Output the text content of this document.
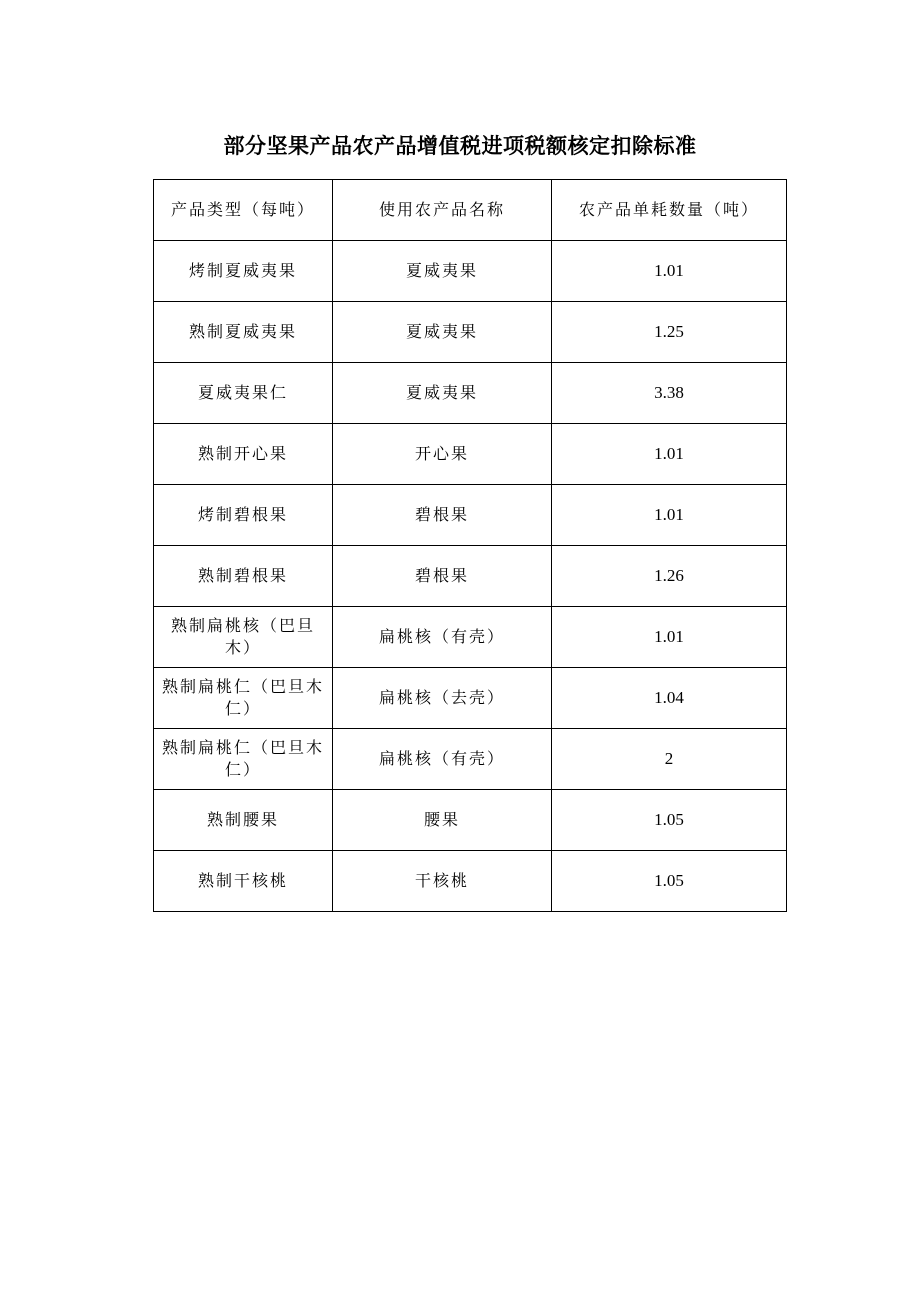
部分坚果产品农产品增值税进项税额核定扣除标准
产品类型（每吨）	使用农产品名称	农产品单耗数量（吨）
烤制夏威夷果	夏威夷果	1.01
熟制夏威夷果	夏威夷果	1.25
夏威夷果仁	夏威夷果	3.38
熟制开心果	开心果	1.01
烤制碧根果	碧根果	1.01
熟制碧根果	碧根果	1.26
熟制扁桃核（巴旦木）	扁桃核（有壳）	1.01
熟制扁桃仁（巴旦木仁）	扁桃核（去壳）	1.04
熟制扁桃仁（巴旦木仁）	扁桃核（有壳）	2
熟制腰果	腰果	1.05
熟制干核桃	干核桃	1.05
